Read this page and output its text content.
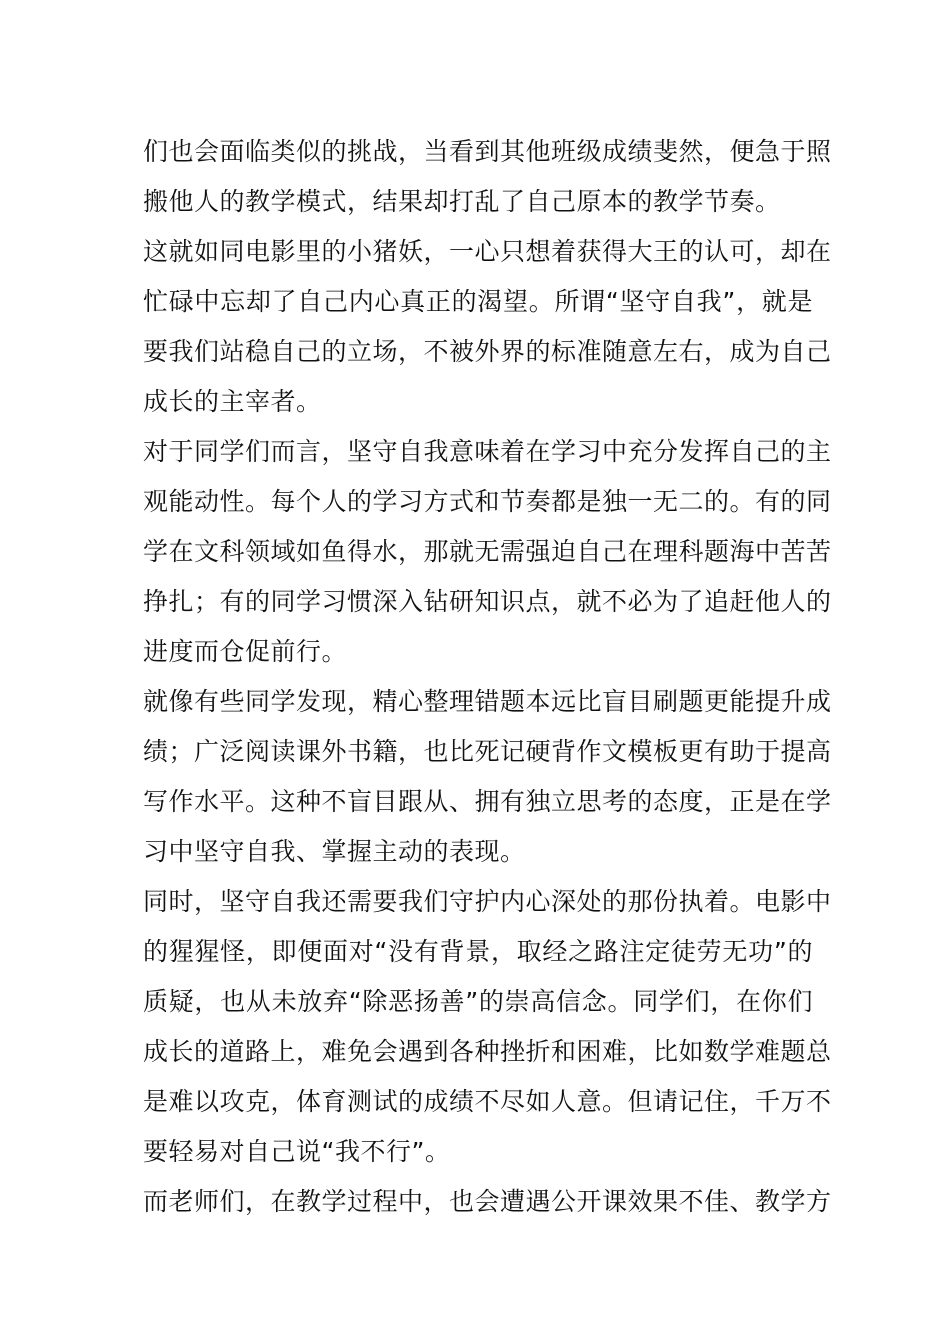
们也会面临类似的挑战，当看到其他班级成绩斐然，便急于照
搬他人的教学模式，结果却打乱了自己原本的教学节奏。
这就如同电影里的小猪妖，一心只想着获得大王的认可，却在
忙碌中忘却了自己内心真正的渴望。所谓“坚守自我”，就是
要我们站稳自己的立场，不被外界的标准随意左右，成为自己
成长的主宰者。
对于同学们而言，坚守自我意味着在学习中充分发挥自己的主
观能动性。每个人的学习方式和节奏都是独一无二的。有的同
学在文科领域如鱼得水，那就无需强迫自己在理科题海中苦苦
挣扎；有的同学习惯深入钻研知识点，就不必为了追赶他人的
进度而仓促前行。
就像有些同学发现，精心整理错题本远比盲目刷题更能提升成
绩；广泛阅读课外书籍，也比死记硬背作文模板更有助于提高
写作水平。这种不盲目跟从、拥有独立思考的态度，正是在学
习中坚守自我、掌握主动的表现。
同时，坚守自我还需要我们守护内心深处的那份执着。电影中
的猩猩怪，即便面对“没有背景，取经之路注定徒劳无功”的
质疑，也从未放弃“除恶扬善”的崇高信念。同学们，在你们
成长的道路上，难免会遇到各种挫折和困难，比如数学难题总
是难以攻克，体育测试的成绩不尽如人意。但请记住，千万不
要轻易对自己说“我不行”。
而老师们，在教学过程中，也会遭遇公开课效果不佳、教学方
